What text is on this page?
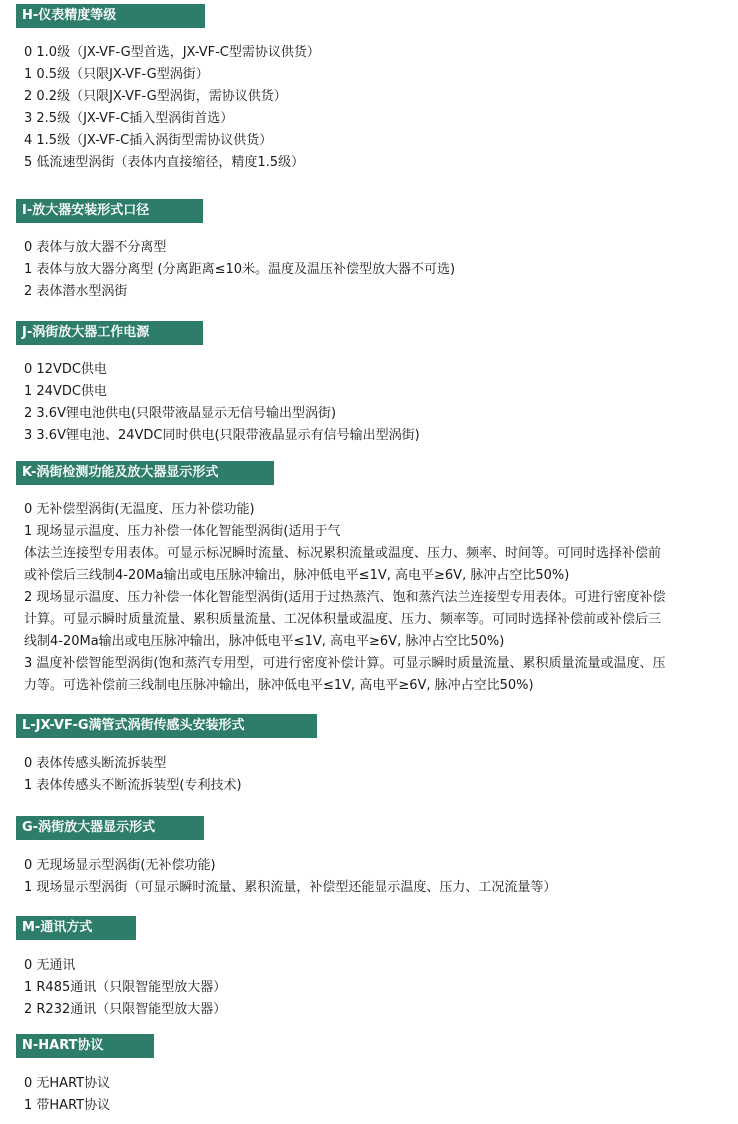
H-仪表精度等级
0 1.0级（JX-VF-G型首选，JX-VF-C型需协议供货）
1 0.5级（只限JX-VF-G型涡街）
2 0.2级（只限JX-VF-G型涡街，需协议供货）
3 2.5级（JX-VF-C插入型涡街首选）
4 1.5级（JX-VF-C插入涡街型需协议供货）
5 低流速型涡街（表体内直接缩径，精度1.5级）
I-放大器安装形式口径
0 表体与放大器不分离型
1 表体与放大器分离型 (分离距离≤10米。温度及温压补偿型放大器不可选)
2 表体潜水型涡街
J-涡街放大器工作电源
0 12VDC供电
1 24VDC供电
2 3.6V锂电池供电(只限带液晶显示无信号输出型涡街)
3 3.6V锂电池、24VDC同时供电(只限带液晶显示有信号输出型涡街)
K-涡街检测功能及放大器显示形式
0 无补偿型涡街(无温度、压力补偿功能)
1 现场显示温度、压力补偿一体化智能型涡街(适用于气
体法兰连接型专用表体。可显示标况瞬时流量、标况累积流量或温度、压力、频率、时间等。可同时选择补偿前
或补偿后三线制4-20Ma输出或电压脉冲输出，脉冲低电平≤1V, 高电平≥6V, 脉冲占空比50%)
2 现场显示温度、压力补偿一体化智能型涡街(适用于过热蒸汽、饱和蒸汽法兰连接型专用表体。可进行密度补偿
计算。可显示瞬时质量流量、累积质量流量、工况体积量或温度、压力、频率等。可同时选择补偿前或补偿后三
线制4-20Ma输出或电压脉冲输出，脉冲低电平≤1V, 高电平≥6V, 脉冲占空比50%)
3 温度补偿智能型涡街(饱和蒸汽专用型，可进行密度补偿计算。可显示瞬时质量流量、累积质量流量或温度、压
力等。可选补偿前三线制电压脉冲输出，脉冲低电平≤1V, 高电平≥6V, 脉冲占空比50%)
L-JX-VF-G满管式涡街传感头安装形式
0 表体传感头断流拆装型
1 表体传感头不断流拆装型(专利技术)
G-涡街放大器显示形式
0 无现场显示型涡街(无补偿功能)
1 现场显示型涡街（可显示瞬时流量、累积流量，补偿型还能显示温度、压力、工况流量等）
M-通讯方式
0 无通讯
1 R485通讯（只限智能型放大器）
2 R232通讯（只限智能型放大器）
N-HART协议
0 无HART协议
1 带HART协议
